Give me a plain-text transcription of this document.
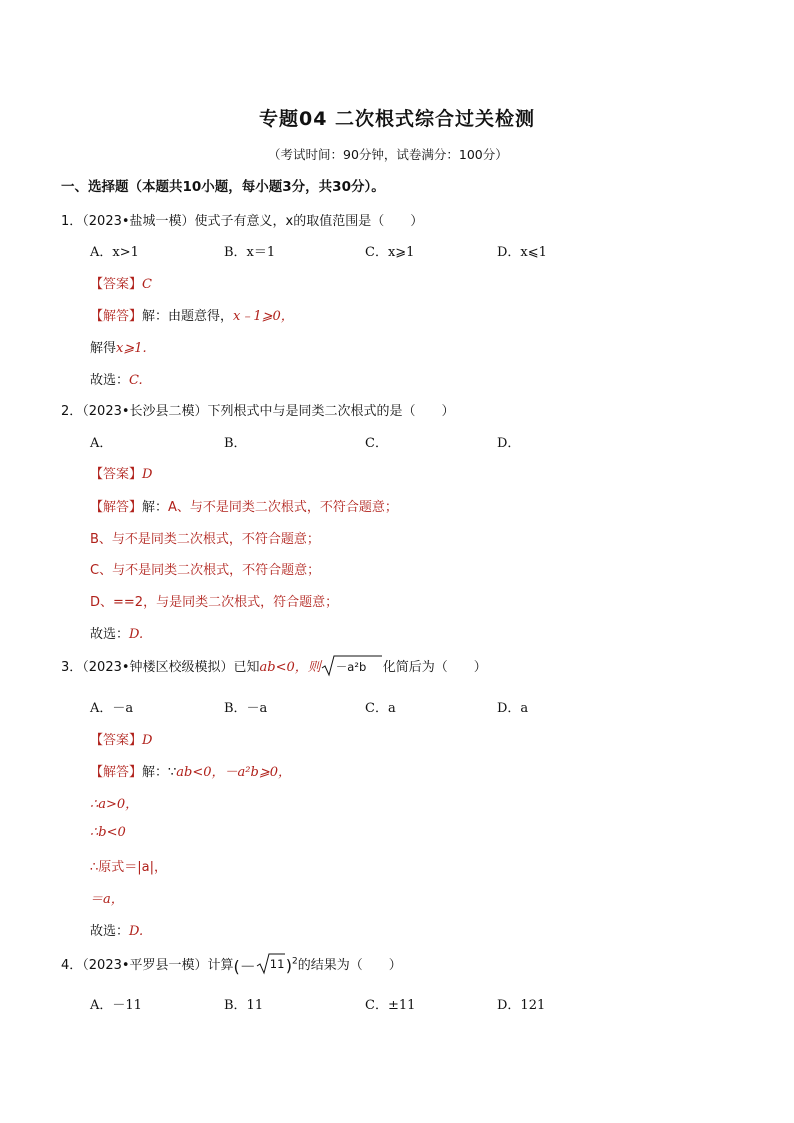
专题04 二次根式综合过关检测
（考试时间：90分钟，试卷满分：100分）
一、选择题（本题共10小题，每小题3分，共30分）。
1．（2023•盐城一模）使式子有意义，x的取值范围是（　　）
A．x>1	B．x＝1	C．x⩾1	D．x⩽1
【答案】C
【解答】解：由题意得，x﹣1⩾0，
解得x⩾1.
故选：C.
2．（2023•长沙县二模）下列根式中与是同类二次根式的是（　　）
A．	B．	C．	D．
【答案】D
【解答】解：A、与不是同类二次根式，不符合题意；
B、与不是同类二次根式，不符合题意；
C、与不是同类二次根式，不符合题意；
D、==2，与是同类二次根式，符合题意；
故选：D.
3．（2023•钟楼区校级模拟）已知ab<0，则 －a²b 化简后为（　　）
A．－a	B．－a	C．a	D．a
【答案】D
【解答】解：∵ab<0，－a²b⩾0，
∴a>0，
∴b<0
∴原式＝|a|，
＝a，
故选：D.
4．（2023•平罗县一模）计算(－ 11 )$^2$的结果为（　　）
A．－11	B．11	C．±11	D．121
